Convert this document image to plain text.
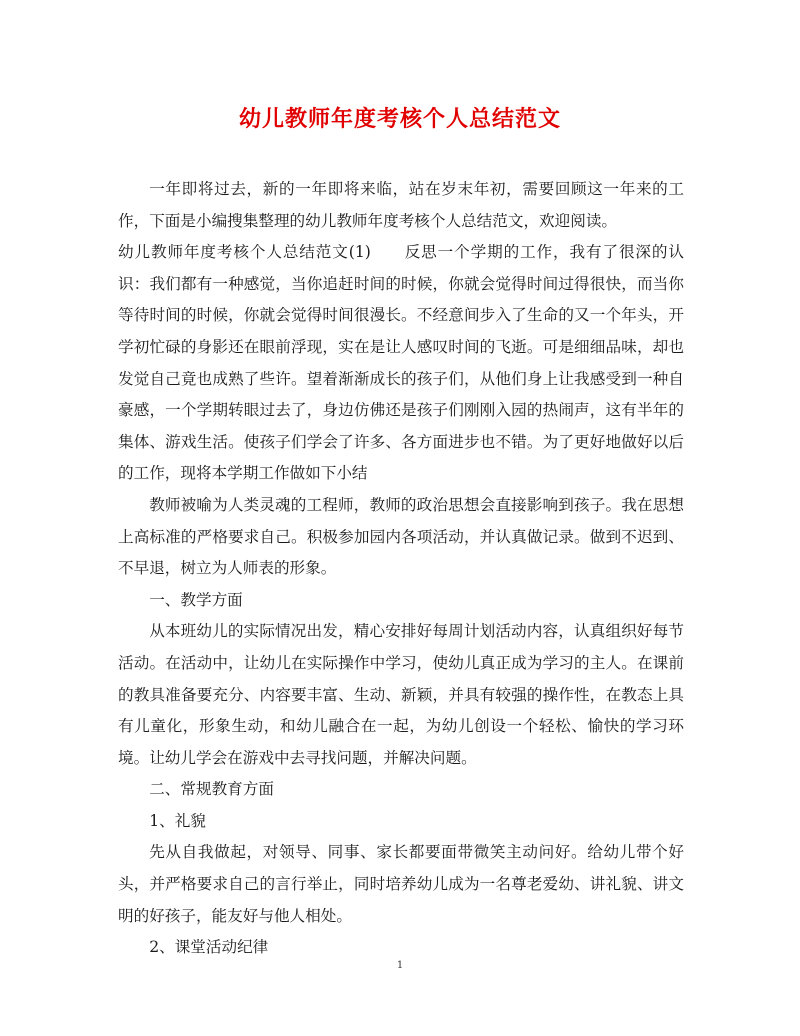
幼儿教师年度考核个人总结范文

一年即将过去，新的一年即将来临，站在岁末年初，需要回顾这一年来的工作，下面是小编搜集整理的幼儿教师年度考核个人总结范文，欢迎阅读。

幼儿教师年度考核个人总结范文(1)　　反思一个学期的工作，我有了很深的认识：我们都有一种感觉，当你追赶时间的时候，你就会觉得时间过得很快，而当你等待时间的时候，你就会觉得时间很漫长。不经意间步入了生命的又一个年头，开学初忙碌的身影还在眼前浮现，实在是让人感叹时间的飞逝。可是细细品味，却也发觉自己竟也成熟了些许。望着渐渐成长的孩子们，从他们身上让我感受到一种自豪感，一个学期转眼过去了，身边仿佛还是孩子们刚刚入园的热闹声，这有半年的集体、游戏生活。使孩子们学会了许多、各方面进步也不错。为了更好地做好以后的工作，现将本学期工作做如下小结

教师被喻为人类灵魂的工程师，教师的政治思想会直接影响到孩子。我在思想上高标准的严格要求自己。积极参加园内各项活动，并认真做记录。做到不迟到、不早退，树立为人师表的形象。

一、教学方面

从本班幼儿的实际情况出发，精心安排好每周计划活动内容，认真组织好每节活动。在活动中，让幼儿在实际操作中学习，使幼儿真正成为学习的主人。在课前的教具准备要充分、内容要丰富、生动、新颖，并具有较强的操作性，在教态上具有儿童化，形象生动，和幼儿融合在一起，为幼儿创设一个轻松、愉快的学习环境。让幼儿学会在游戏中去寻找问题，并解决问题。

二、常规教育方面

1、礼貌

先从自我做起，对领导、同事、家长都要面带微笑主动问好。给幼儿带个好头，并严格要求自己的言行举止，同时培养幼儿成为一名尊老爱幼、讲礼貌、讲文明的好孩子，能友好与他人相处。

2、课堂活动纪律

1
